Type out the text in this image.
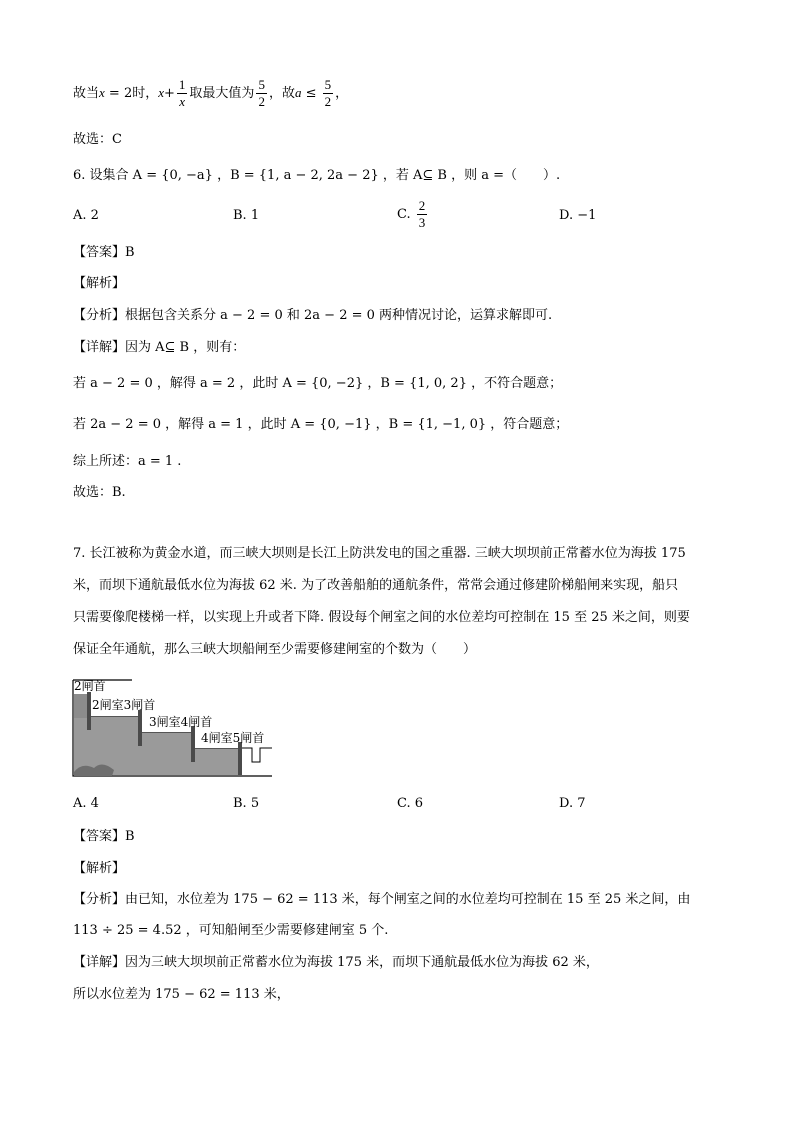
故当x = 2时，$x+ \frac{1}{x}$ 取最大值为 $\frac{5}{2}$ ，故$a \le \frac{5}{2}$ ，
故选：C
6. 设集合 A = {0, −a} ，B = {1, a − 2, 2a − 2} ，若 A⊆ B ，则 a =（　　）.
A. 2	B. 1	C. $\frac{2}{3}$	D. −1
【答案】B
【解析】
【分析】根据包含关系分 a − 2 = 0 和 2a − 2 = 0 两种情况讨论，运算求解即可.
【详解】因为 A⊆ B ，则有：
若 a − 2 = 0 ，解得 a = 2 ，此时 A = {0, −2} ，B = {1, 0, 2} ，不符合题意；
若 2a − 2 = 0 ，解得 a = 1 ，此时 A = {0, −1} ，B = {1, −1, 0} ，符合题意；
综上所述：a = 1 .
故选：B.
7. 长江被称为黄金水道，而三峡大坝则是长江上防洪发电的国之重器. 三峡大坝坝前正常蓄水位为海拔 175
米，而坝下通航最低水位为海拔 62 米. 为了改善船舶的通航条件，常常会通过修建阶梯船闸来实现，船只
只需要像爬楼梯一样，以实现上升或者下降. 假设每个闸室之间的水位差均可控制在 15 至 25 米之间，则要
保证全年通航，那么三峡大坝船闸至少需要修建闸室的个数为（　　）
2闸首
2闸室3闸首
3闸室4闸首
4闸室5闸首
A. 4	B. 5	C. 6	D. 7
【答案】B
【解析】
【分析】由已知，水位差为 175 − 62 = 113 米，每个闸室之间的水位差均可控制在 15 至 25 米之间，由
113 ÷ 25 = 4.52 ，可知船闸至少需要修建闸室 5 个.
【详解】因为三峡大坝坝前正常蓄水位为海拔 175 米，而坝下通航最低水位为海拔 62 米，
所以水位差为 175 − 62 = 113 米，
